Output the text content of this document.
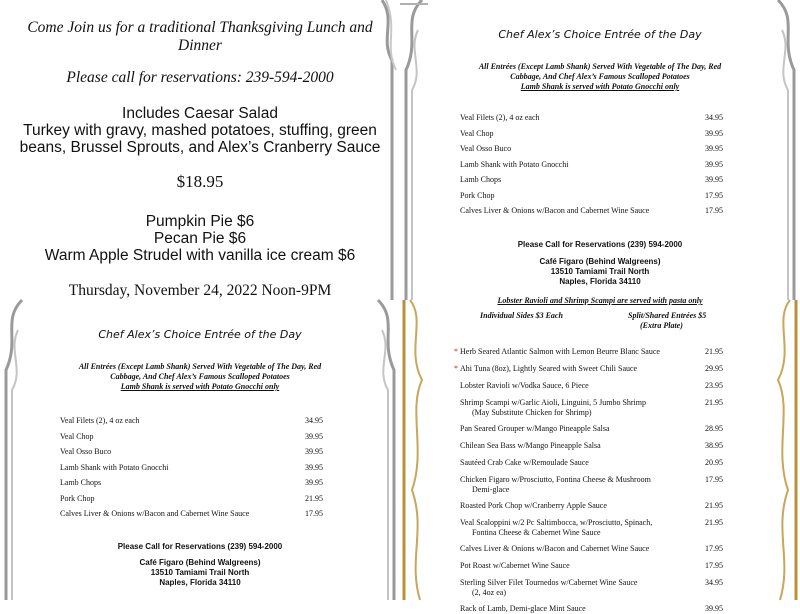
Come Join us for a traditional Thanksgiving Lunch and
Dinner
Please call for reservations: 239-594-2000
Includes Caesar Salad
Turkey with gravy, mashed potatoes, stuffing, green
beans, Brussel Sprouts, and Alex’s Cranberry Sauce
$18.95
Pumpkin Pie $6
Pecan Pie $6
Warm Apple Strudel with vanilla ice cream $6
Thursday, November 24, 2022 Noon-9PM
Chef Alex’s Choice Entrée of the Day
All Entrées (Except Lamb Shank) Served With Vegetable of The Day, Red
Cabbage, And Chef Alex’s Famous Scalloped Potatoes
Lamb Shank is served with Potato Gnocchi only
Veal Filets (2), 4 oz each	34.95
Veal Chop	39.95
Veal Osso Buco	39.95
Lamb Shank with Potato Gnocchi	39.95
Lamb Chops	39.95
Pork Chop	17.95
Calves Liver & Onions w/Bacon and Cabernet Wine Sauce	17.95
Please Call for Reservations (239) 594-2000
Café Figaro (Behind Walgreens)
13510 Tamiami Trail North
Naples, Florida 34110
Chef Alex’s Choice Entrée of the Day
All Entrées (Except Lamb Shank) Served With Vegetable of The Day, Red
Cabbage, And Chef Alex’s Famous Scalloped Potatoes
Lamb Shank is served with Potato Gnocchi only
Veal Filets (2), 4 oz each	34.95
Veal Chop	39.95
Veal Osso Buco	39.95
Lamb Shank with Potato Gnocchi	39.95
Lamb Chops	39.95
Pork Chop	21.95
Calves Liver & Onions w/Bacon and Cabernet Wine Sauce	17.95
Please Call for Reservations (239) 594-2000
Café Figaro (Behind Walgreens)
13510 Tamiami Trail North
Naples, Florida 34110
Lobster Ravioli and Shrimp Scampi are served with pasta only
Individual Sides $3 Each	Split/Shared Entrées $5
(Extra Plate)
* Herb Seared Atlantic Salmon with Lemon Beurre Blanc Sauce	21.95
* Ahi Tuna (8oz), Lightly Seared with Sweet Chili Sauce	29.95
Lobster Ravioli w/Vodka Sauce, 6 Piece	23.95
Shrimp Scampi w/Garlic Aioli, Linguini, 5 Jumbo Shrimp	21.95
(May Substitute Chicken for Shrimp)
Pan Seared Grouper w/Mango Pineapple Salsa	28.95
Chilean Sea Bass w/Mango Pineapple Salsa	38.95
Sautéed Crab Cake w/Remoulade Sauce	20.95
Chicken Figaro w/Prosciutto, Fontina Cheese & Mushroom	17.95
Demi-glace
Roasted Pork Chop w/Cranberry Apple Sauce	21.95
Veal Scaloppini w/2 Pc Saltimbocca, w/Prosciutto, Spinach,	21.95
Fontina Cheese & Cabernet Wine Sauce
Calves Liver & Onions w/Bacon and Cabernet Wine Sauce	17.95
Pot Roast w/Cabernet Wine Sauce	17.95
Sterling Silver Filet Tournedos w/Cabernet Wine Sauce	34.95
(2, 4oz ea)
Rack of Lamb, Demi-glace Mint Sauce	39.95
